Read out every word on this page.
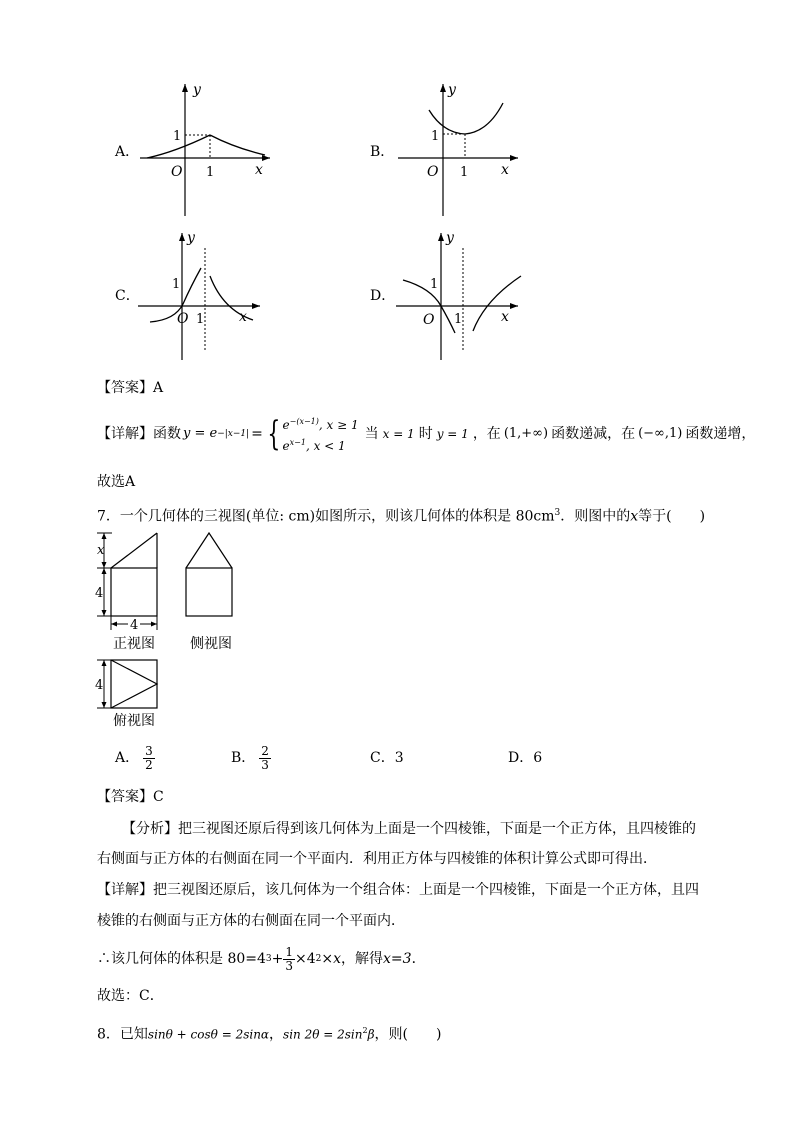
A．
y
x
O
1
1
B．
y
x
O
1
1
C．
y
x
O
1
1
D．
y
x
O
1
1
【答案】A
【详解】 函数 y = e −|x−1| = { $e^{-(x-1)}$, x ≥ 1
$e^{x-1}$, x < 1
当 x = 1 时 y = 1 ，在 (1,+∞) 函数递减，在 (−∞,1) 函数递增，
故选A
7．一个几何体的三视图(单位: cm)如图所示，则该几何体的体积是 $80cm^3$．则图中的x等于(　　)
4
x
4
正视图	侧视图
4
俯视图
A． $\frac{3}{2}$	B． $\frac{2}{3}$	C．3	D．6
【答案】C
【分析】把三视图还原后得到该几何体为上面是一个四棱锥，下面是一个正方体，且四棱锥的
右侧面与正方体的右侧面在同一个平面内．利用正方体与四棱锥的体积计算公式即可得出．
【详解】把三视图还原后，该几何体为一个组合体：上面是一个四棱锥，下面是一个正方体，且四
棱锥的右侧面与正方体的右侧面在同一个平面内．
∴该几何体的体积是 80=4 $3 + \frac{1}{3} \times 4$ 2 × x ，解得 x=3 ．
故选：C．
8．已知sinθ + cosθ = 2sinα，$\sin 2\theta = 2\sin^2\beta$，则(　　)
